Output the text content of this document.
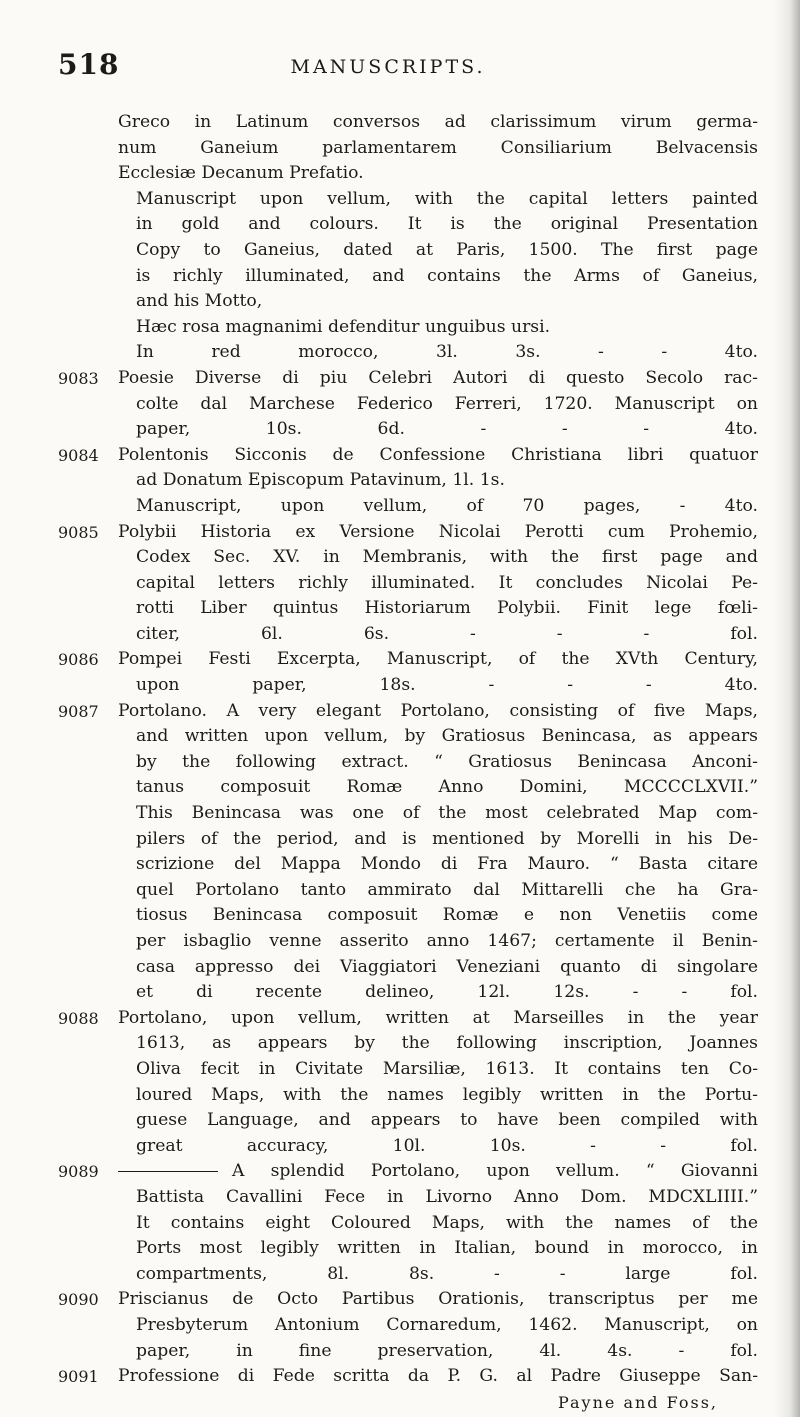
518	MANUSCRIPTS.
Greco in Latinum conversos ad clarissimum virum germa-
num Ganeium parlamentarem Consiliarium Belvacensis
Ecclesiæ Decanum Prefatio.
Manuscript upon vellum, with the capital letters painted
in gold and colours. It is the original Presentation
Copy to Ganeius, dated at Paris, 1500. The first page
is richly illuminated, and contains the Arms of Ganeius,
and his Motto,
Hæc rosa magnanimi defenditur unguibus ursi.
In red morocco, 3l. 3s. - - 4to.
9083	Poesie Diverse di piu Celebri Autori di questo Secolo rac-
colte dal Marchese Federico Ferreri, 1720. Manuscript on
paper, 10s. 6d. - - - 4to.
9084	Polentonis Sicconis de Confessione Christiana libri quatuor
ad Donatum Episcopum Patavinum, 1l. 1s.
Manuscript, upon vellum, of 70 pages, - 4to.
9085	Polybii Historia ex Versione Nicolai Perotti cum Prohemio,
Codex Sec. XV. in Membranis, with the first page and
capital letters richly illuminated. It concludes Nicolai Pe-
rotti Liber quintus Historiarum Polybii. Finit lege fœli-
citer, 6l. 6s. - - - fol.
9086	Pompei Festi Excerpta, Manuscript, of the XVth Century,
upon paper, 18s. - - - 4to.
9087	Portolano. A very elegant Portolano, consisting of five Maps,
and written upon vellum, by Gratiosus Benincasa, as appears
by the following extract. “ Gratiosus Benincasa Anconi-
tanus composuit Romæ Anno Domini, MCCCCLXVII.”
This Benincasa was one of the most celebrated Map com-
pilers of the period, and is mentioned by Morelli in his De-
scrizione del Mappa Mondo di Fra Mauro. “ Basta citare
quel Portolano tanto ammirato dal Mittarelli che ha Gra-
tiosus Benincasa composuit Romæ e non Venetiis come
per isbaglio venne asserito anno 1467; certamente il Benin-
casa appresso dei Viaggiatori Veneziani quanto di singolare
et di recente delineo, 12l. 12s. - - fol.
9088	Portolano, upon vellum, written at Marseilles in the year
1613, as appears by the following inscription, Joannes
Oliva fecit in Civitate Marsiliæ, 1613. It contains ten Co-
loured Maps, with the names legibly written in the Portu-
guese Language, and appears to have been compiled with
great accuracy, 10l. 10s. - - fol.
9089	A splendid Portolano, upon vellum. “ Giovanni
Battista Cavallini Fece in Livorno Anno Dom. MDCXLIIII.”
It contains eight Coloured Maps, with the names of the
Ports most legibly written in Italian, bound in morocco, in
compartments, 8l. 8s. - - large fol.
9090	Priscianus de Octo Partibus Orationis, transcriptus per me
Presbyterum Antonium Cornaredum, 1462. Manuscript, on
paper, in fine preservation, 4l. 4s. - fol.
9091	Professione di Fede scritta da P. G. al Padre Giuseppe San-
Payne and Foss,
